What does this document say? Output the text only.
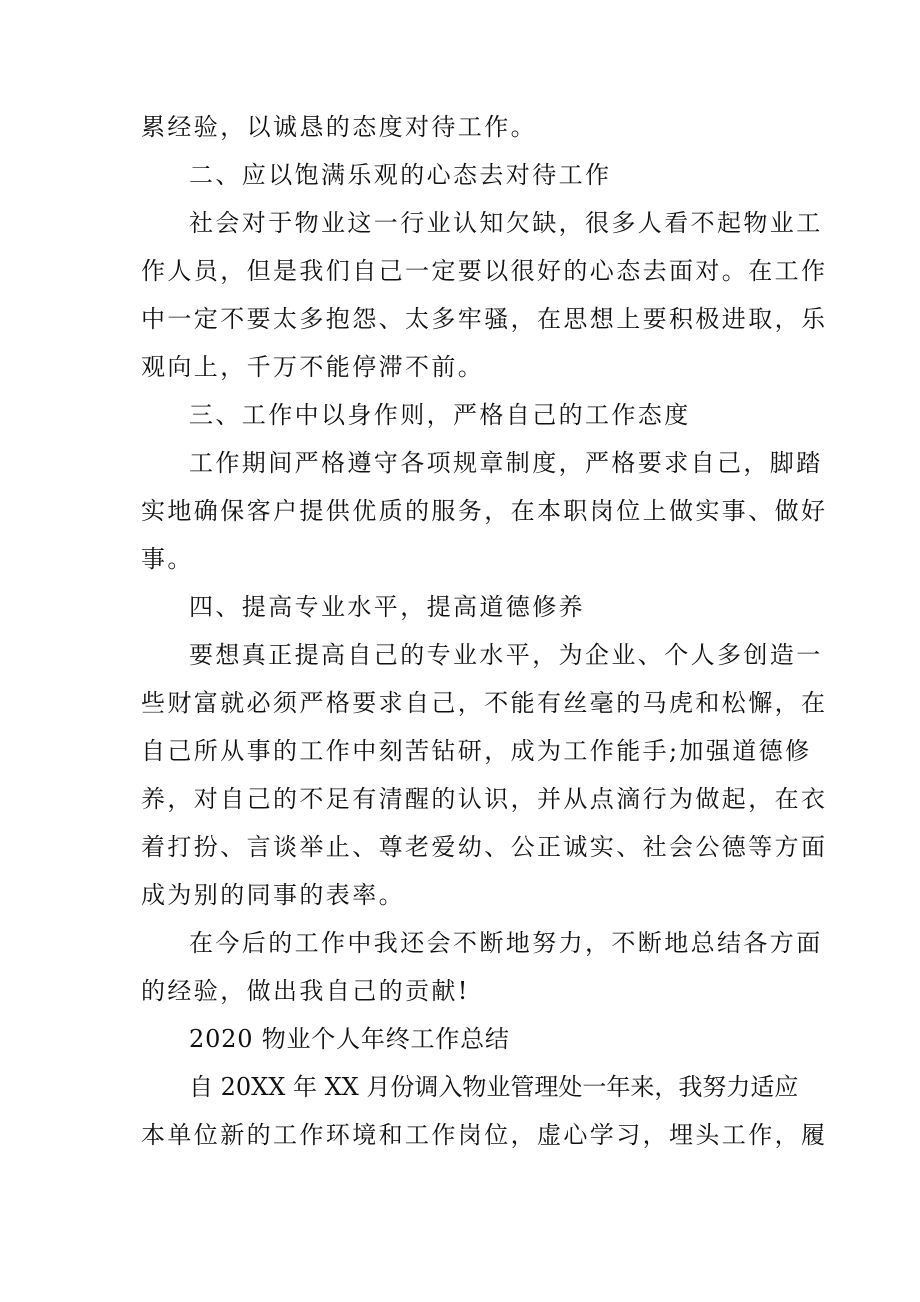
累经验，以诚恳的态度对待工作。
二、应以饱满乐观的心态去对待工作
社会对于物业这一行业认知欠缺，很多人看不起物业工
作人员，但是我们自己一定要以很好的心态去面对。在工作
中一定不要太多抱怨、太多牢骚，在思想上要积极进取，乐
观向上，千万不能停滞不前。
三、工作中以身作则，严格自己的工作态度
工作期间严格遵守各项规章制度，严格要求自己，脚踏
实地确保客户提供优质的服务，在本职岗位上做实事、做好
事。
四、提高专业水平，提高道德修养
要想真正提高自己的专业水平，为企业、个人多创造一
些财富就必须严格要求自己，不能有丝毫的马虎和松懈，在
自己所从事的工作中刻苦钻研，成为工作能手;加强道德修
养，对自己的不足有清醒的认识，并从点滴行为做起，在衣
着打扮、言谈举止、尊老爱幼、公正诚实、社会公德等方面
成为别的同事的表率。
在今后的工作中我还会不断地努力，不断地总结各方面
的经验，做出我自己的贡献!
2020 物业个人年终工作总结
自 20XX 年 XX 月份调入物业管理处一年来，我努力适应
本单位新的工作环境和工作岗位，虚心学习，埋头工作，履
